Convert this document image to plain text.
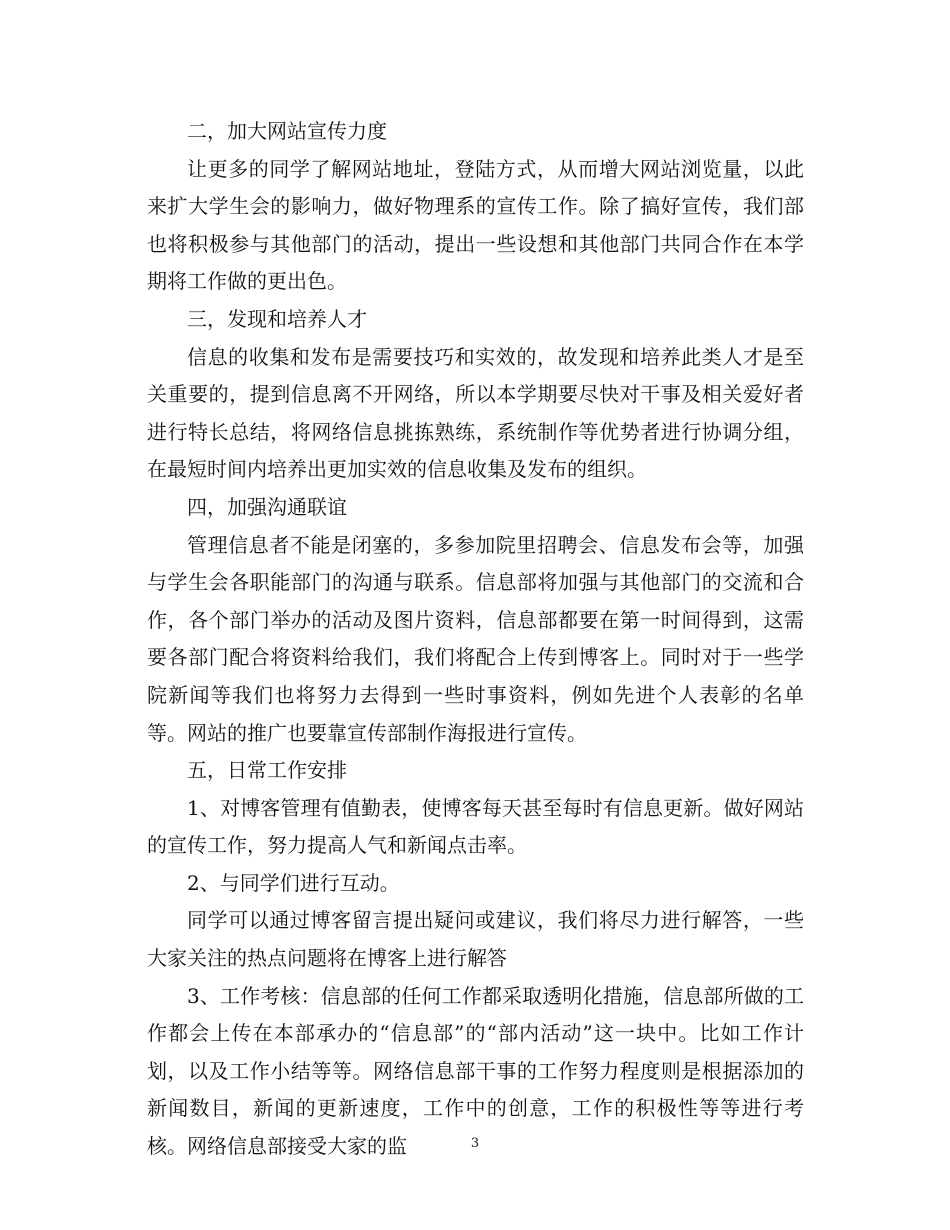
二，加大网站宣传力度

让更多的同学了解网站地址，登陆方式，从而增大网站浏览量，以此来扩大学生会的影响力，做好物理系的宣传工作。除了搞好宣传，我们部也将积极参与其他部门的活动，提出一些设想和其他部门共同合作在本学期将工作做的更出色。

三，发现和培养人才

信息的收集和发布是需要技巧和实效的，故发现和培养此类人才是至关重要的，提到信息离不开网络，所以本学期要尽快对干事及相关爱好者进行特长总结，将网络信息挑拣熟练，系统制作等优势者进行协调分组，在最短时间内培养出更加实效的信息收集及发布的组织。

四，加强沟通联谊

管理信息者不能是闭塞的，多参加院里招聘会、信息发布会等，加强与学生会各职能部门的沟通与联系。信息部将加强与其他部门的交流和合作，各个部门举办的活动及图片资料，信息部都要在第一时间得到，这需要各部门配合将资料给我们，我们将配合上传到博客上。同时对于一些学院新闻等我们也将努力去得到一些时事资料，例如先进个人表彰的名单等。网站的推广也要靠宣传部制作海报进行宣传。

五，日常工作安排

1、对博客管理有值勤表，使博客每天甚至每时有信息更新。做好网站的宣传工作，努力提高人气和新闻点击率。

2、与同学们进行互动。

同学可以通过博客留言提出疑问或建议，我们将尽力进行解答，一些大家关注的热点问题将在博客上进行解答

3、工作考核：信息部的任何工作都采取透明化措施，信息部所做的工作都会上传在本部承办的“信息部”的“部内活动”这一块中。比如工作计划，以及工作小结等等。网络信息部干事的工作努力程度则是根据添加的新闻数目，新闻的更新速度，工作中的创意，工作的积极性等等进行考核。网络信息部接受大家的监	3
